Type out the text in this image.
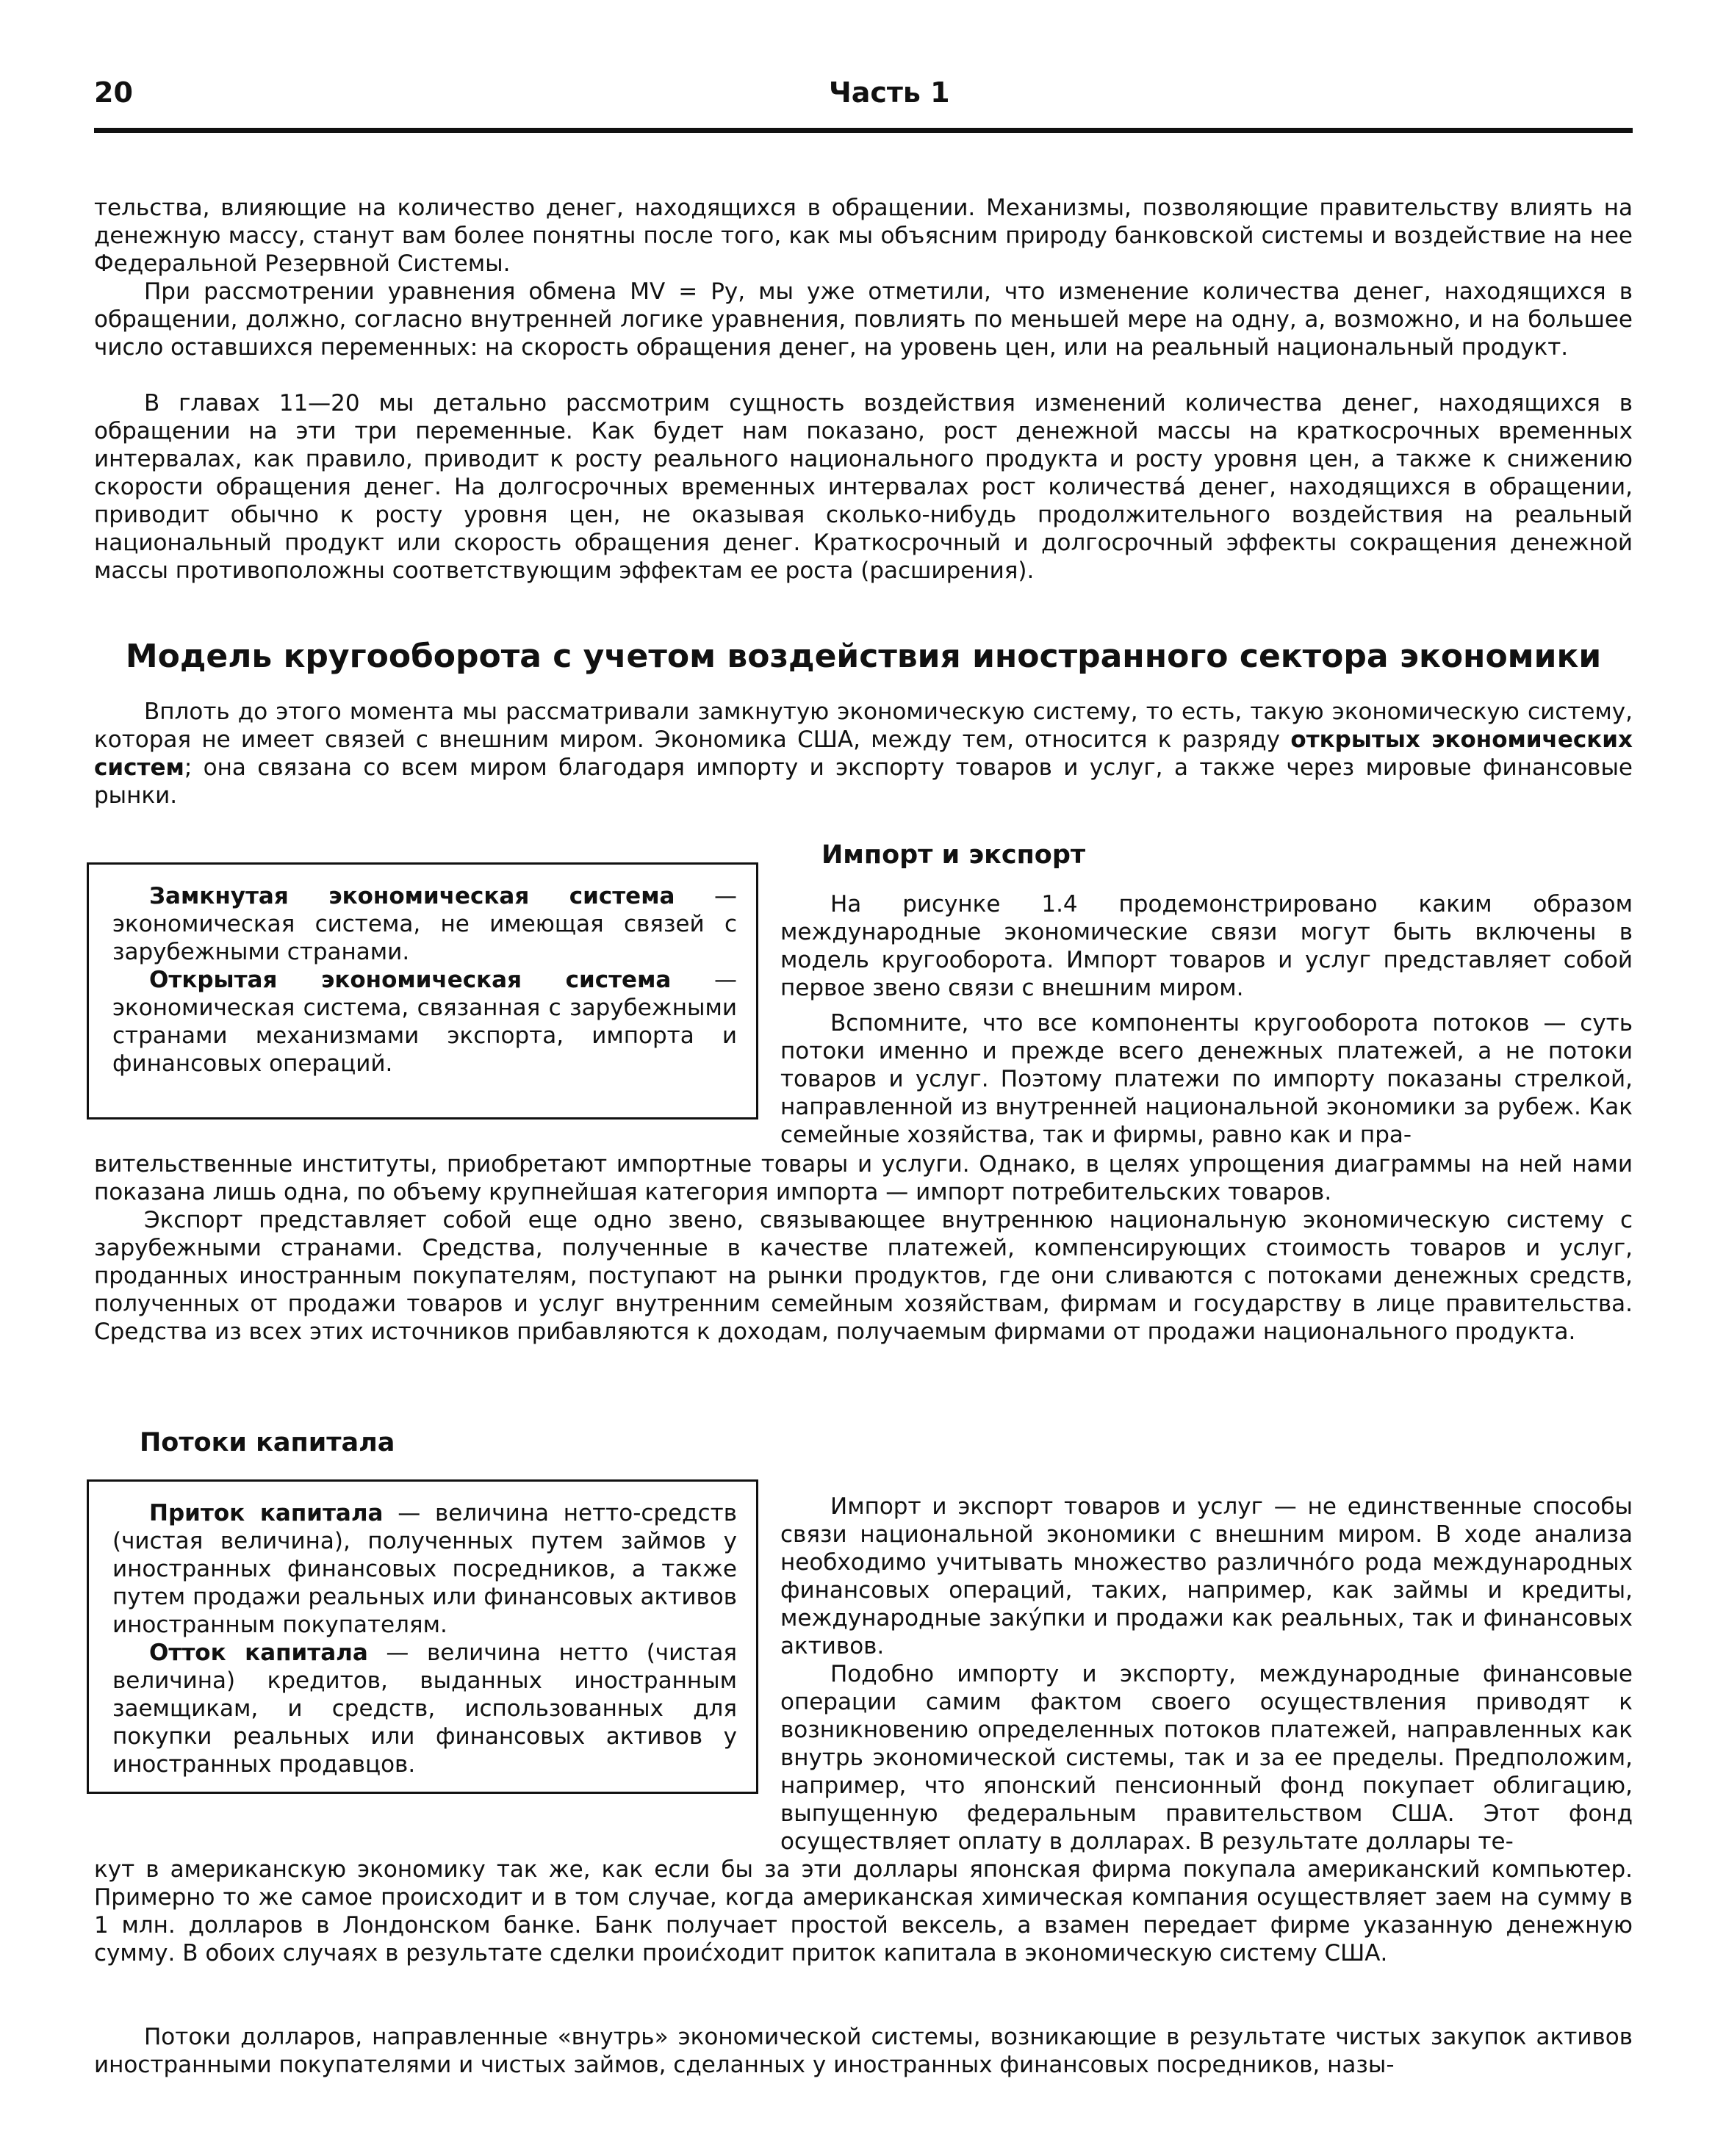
20	Часть 1

тельства, влияющие на количество денег, находящихся в обращении. Механизмы, позволяющие правительству влиять на денежную массу, станут вам более понятны после того, как мы объясним природу банковской системы и воздействие на нее Федеральной Резервной Системы.

При рассмотрении уравнения обмена MV = Py, мы уже отметили, что изменение количества денег, находящихся в обращении, должно, согласно внутренней логике уравнения, повлиять по меньшей мере на одну, а, возможно, и на большее число оставшихся переменных: на скорость обращения денег, на уровень цен, или на реальный национальный продукт.

В главах 11—20 мы детально рассмотрим сущность воздействия изменений количества денег, находящихся в обращении на эти три переменные. Как будет нам показано, рост денежной массы на краткосрочных временных интервалах, как правило, приводит к росту реального национального продукта и росту уровня цен, а также к снижению скорости обращения денег. На долгосрочных временных интервалах рост количества́ денег, находящихся в обращении, приводит обычно к росту уровня цен, не оказывая сколько-нибудь продолжительного воздействия на реальный национальный продукт или скорость обращения денег. Краткосрочный и долгосрочный эффекты сокращения денежной массы противоположны соответствующим эффектам ее роста (расширения).

Модель кругооборота с учетом воздействия иностранного сектора экономики

Вплоть до этого момента мы рассматривали замкнутую экономическую систему, то есть, такую экономическую систему, которая не имеет связей с внешним миром. Экономика США, между тем, относится к разряду открытых экономических систем; она связана со всем миром благодаря импорту и экспорту товаров и услуг, а также через мировые финансовые рынки.

Замкнутая экономическая система — экономическая система, не имеющая связей с зарубежными странами.

Открытая экономическая система — экономическая система, связанная с зарубежными странами механизмами экспорта, импорта и финансовых операций.

Импорт и экспорт

На рисунке 1.4 продемонстрировано каким образом международные экономические связи могут быть включены в модель кругооборота. Импорт товаров и услуг представляет собой первое звено связи с внешним миром.

Вспомните, что все компоненты кругооборота потоков — суть потоки именно и прежде всего денежных платежей, а не потоки товаров и услуг. Поэтому платежи по импорту показаны стрелкой, направленной из внутренней национальной экономики за рубеж. Как семейные хозяйства, так и фирмы, равно как и пра-

вительственные институты, приобретают импортные товары и услуги. Однако, в целях упрощения диаграммы на ней нами показана лишь одна, по объему крупнейшая категория импорта — импорт потребительских товаров.

Экспорт представляет собой еще одно звено, связывающее внутреннюю национальную экономическую систему с зарубежными странами. Средства, полученные в качестве платежей, компенсирующих стоимость товаров и услуг, проданных иностранным покупателям, поступают на рынки продуктов, где они сливаются с потоками денежных средств, полученных от продажи товаров и услуг внутренним семейным хозяйствам, фирмам и государству в лице правительства. Средства из всех этих источников прибавляются к доходам, получаемым фирмами от продажи национального продукта.

Потоки капитала

Приток капитала — величина нетто-средств (чистая величина), полученных путем займов у иностранных финансовых посредников, а также путем продажи реальных или финансовых активов иностранным покупателям.

Отток капитала — величина нетто (чистая величина) кредитов, выданных иностранным заемщикам, и средств, использованных для покупки реальных или финансовых активов у иностранных продавцов.

Импорт и экспорт товаров и услуг — не единственные способы связи национальной экономики с внешним миром. В ходе анализа необходимо учитывать множество различно́го рода международных финансовых операций, таких, например, как займы и кредиты, международные заку́пки и продажи как реальных, так и финансовых активов.

Подобно импорту и экспорту, международные финансовые операции самим фактом своего осуществления приводят к возникновению определенных потоков платежей, направленных как внутрь экономической системы, так и за ее пределы. Предположим, например, что японский пенсионный фонд покупает облигацию, выпущенную федеральным правительством США. Этот фонд осуществляет оплату в долларах. В результате доллары те-

кут в американскую экономику так же, как если бы за эти доллары японская фирма покупала американский компьютер. Примерно то же самое происходит и в том случае, когда американская химическая компания осуществляет заем на сумму в 1 млн. долларов в Лондонском банке. Банк получает простой вексель, а взамен передает фирме указанную денежную сумму. В обоих случаях в результате сделки проис́ходит приток капитала в экономическую систему США.

Потоки долларов, направленные «внутрь» экономической системы, возникающие в результате чистых закупок активов иностранными покупателями и чистых займов, сделанных у иностранных финансовых посредников, назы-
